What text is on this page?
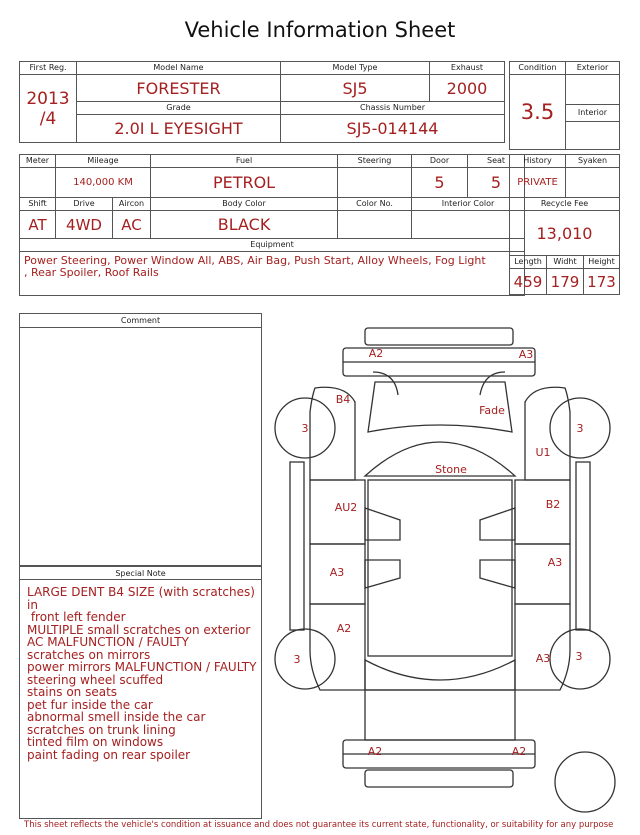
Vehicle Information Sheet
First Reg.	Model Name	Model Type	Exhaust

2013
/4	FORESTER	SJ5	2000
	Grade	Chassis Number	
	2.0I L EYESIGHT	SJ5-014144	
Condition	Exterior
3.5	
	Interior

Meter	Mileage		Fuel	Steering	Door	Seat
	140,000 KM		PETROL		5	5
Shift	Drive	Aircon	Body Color	Color No.	Interior Color	
AT	4WD	AC	BLACK			
Equipment						

Power Steering, Power Window All, ABS, Air Bag, Push Start, Alloy Wheels, Fog Light
, Rear Spoiler, Roof Rails						
History		Syaken	
PRIVATE			
Recycle Fee			
13,010			
Length	Widht		Height
459	179		173
Comment
Special Note
LARGE DENT B4 SIZE (with scratches) in
front left fender
MULTIPLE small scratches on exterior
AC MALFUNCTION / FAULTY
scratches on mirrors
power mirrors MALFUNCTION / FAULTY
steering wheel scuffed
stains on seats
pet fur inside the car
abnormal smell inside the car
scratches on trunk lining
tinted film on windows
paint fading on rear spoiler
A2	A3
B4
Fade
Stone
U1
AU2	B2
A3
A3
A2
A3
A2	A2
3	3
3	3
This sheet reflects the vehicle's condition at issuance and does not guarantee its current state, functionality, or suitability for any purpose
